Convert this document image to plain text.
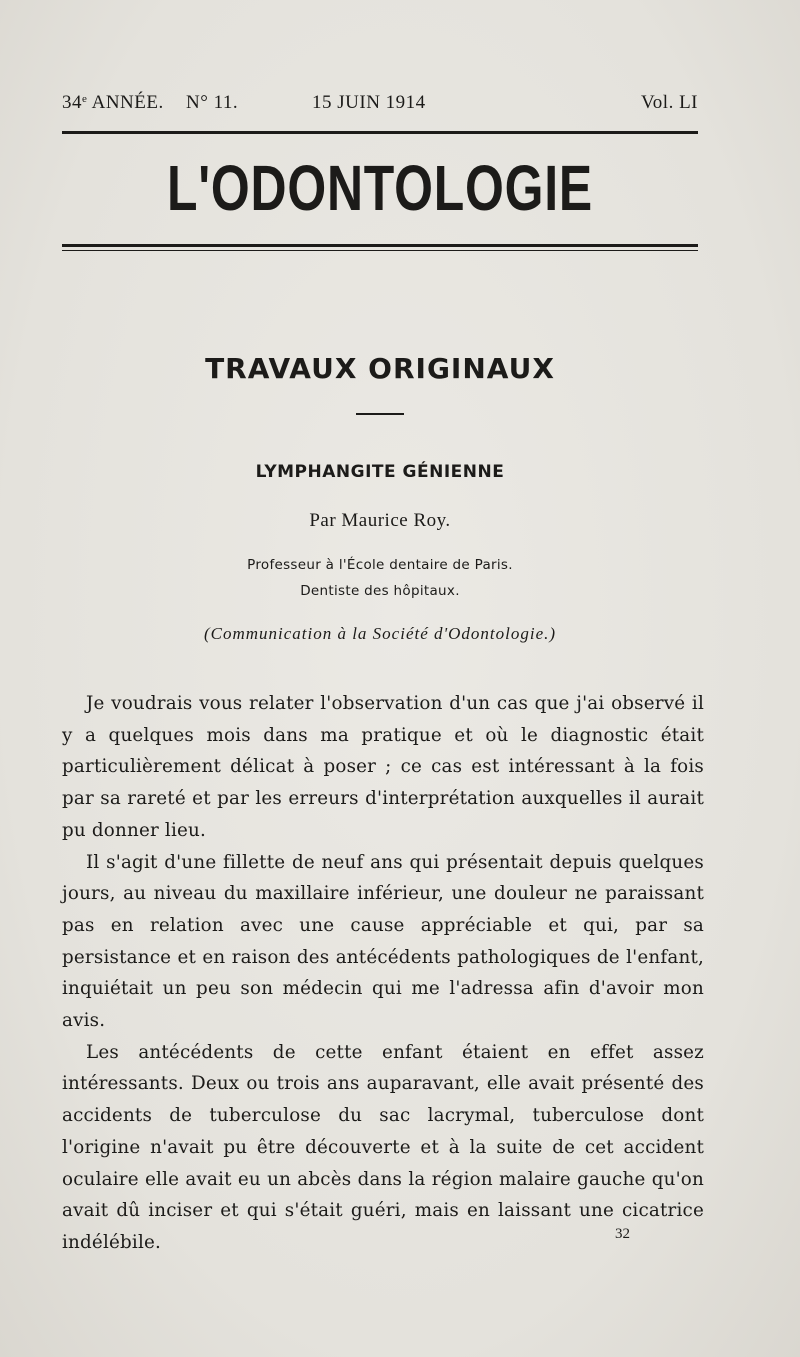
34e ANNÉE. N° 11.	15 JUIN 1914	Vol. LI
L'ODONTOLOGIE
TRAVAUX ORIGINAUX
LYMPHANGITE GÉNIENNE
Par Maurice Roy.
Professeur à l'École dentaire de Paris.
Dentiste des hôpitaux.
(Communication à la Société d'Odontologie.)

Je voudrais vous relater l'observation d'un cas que j'ai observé il y a quelques mois dans ma pratique et où le diagnostic était particulièrement délicat à poser ; ce cas est intéressant à la fois par sa rareté et par les erreurs d'interprétation auxquelles il aurait pu donner lieu.

Il s'agit d'une fillette de neuf ans qui présentait depuis quelques jours, au niveau du maxillaire inférieur, une douleur ne paraissant pas en relation avec une cause appréciable et qui, par sa persistance et en raison des antécédents pathologiques de l'enfant, inquiétait un peu son médecin qui me l'adressa afin d'avoir mon avis.

Les antécédents de cette enfant étaient en effet assez intéressants. Deux ou trois ans auparavant, elle avait présenté des accidents de tuberculose du sac lacrymal, tuberculose dont l'origine n'avait pu être découverte et à la suite de cet accident oculaire elle avait eu un abcès dans la région malaire gauche qu'on avait dû inciser et qui s'était guéri, mais en laissant une cicatrice indélébile.	32
